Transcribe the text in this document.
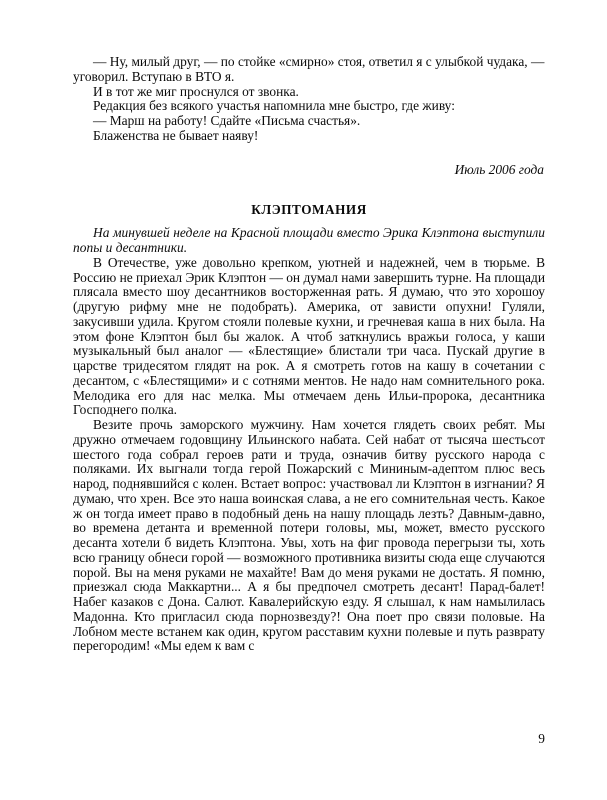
— Ну, милый друг, — по стойке «смирно» стоя, ответил я с улыбкой чудака, — уговорил. Вступаю в ВТО я.

И в тот же миг проснулся от звонка.

Редакция без всякого участья напомнила мне быстро, где живу:

— Марш на работу! Сдайте «Письма счастья».

Блаженства не бывает наяву!

Июль 2006 года

КЛЭПТОМАНИЯ

На минувшей неделе на Красной площади вместо Эрика Клэптона выступили попы и десантники.

В Отечестве, уже довольно крепком, уютней и надежней, чем в тюрьме. В Россию не приехал Эрик Клэптон — он думал нами завершить турне. На площади плясала вместо шоу десантников восторженная рать. Я думаю, что это хорошоу (другую рифму мне не подобрать). Америка, от зависти опухни! Гуляли, закусивши удила. Кругом стояли полевые кухни, и гречневая каша в них была. На этом фоне Клэптон был бы жалок. А чтоб заткнулись вражьи голоса, у каши музыкальный был аналог — «Блестящие» блистали три часа. Пускай другие в царстве тридесятом глядят на рок. А я смотреть готов на кашу в сочетании с десантом, с «Блестящими» и с сотнями ментов. Не надо нам сомнительного рока. Мелодика его для нас мелка. Мы отмечаем день Ильи-пророка, десантника Господнего полка.

Везите прочь заморского мужчину. Нам хочется глядеть своих ребят. Мы дружно отмечаем годовщину Ильинского набата. Сей набат от тысяча шестьсот шестого года собрал героев рати и труда, означив битву русского народа с поляками. Их выгнали тогда герой Пожарский с Мининым-адептом плюс весь народ, поднявшийся с колен. Встает вопрос: участвовал ли Клэптон в изгнании? Я думаю, что хрен. Все это наша воинская слава, а не его сомнительная честь. Какое ж он тогда имеет право в подобный день на нашу площадь лезть? Давным-давно, во времена детанта и временной потери головы, мы, может, вместо русского десанта хотели б видеть Клэптона. Увы, хоть на фиг провода перегрызи ты, хоть всю границу обнеси горой — возможного противника визиты сюда еще случаются порой. Вы на меня руками не махайте! Вам до меня руками не достать. Я помню, приезжал сюда Маккартни... А я бы предпочел смотреть десант! Парад-балет! Набег казаков с Дона. Салют. Кавалерийскую езду. Я слышал, к нам намылилась Мадонна. Кто пригласил сюда порнозвезду?! Она поет про связи половые. На Лобном месте встанем как один, кругом расставим кухни полевые и путь разврату перегородим! «Мы едем к вам с

9
